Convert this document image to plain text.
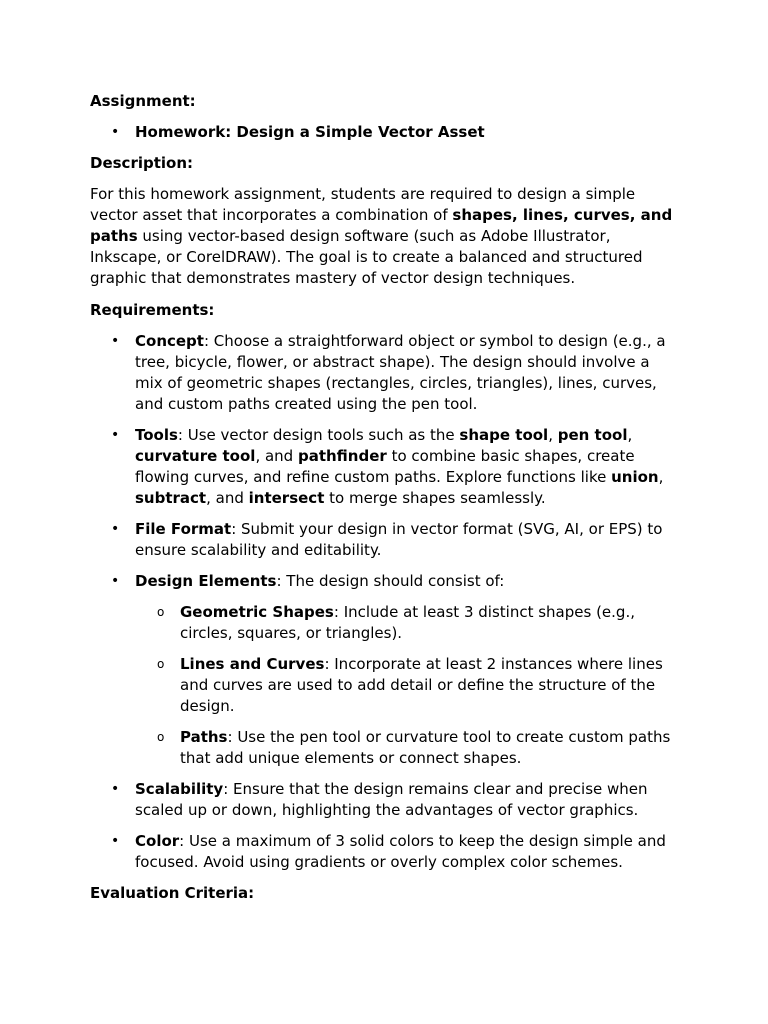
Assignment:

• Homework: Design a Simple Vector Asset

Description:

For this homework assignment, students are required to design a simple vector asset that incorporates a combination of shapes, lines, curves, and paths using vector-based design software (such as Adobe Illustrator, Inkscape, or CorelDRAW). The goal is to create a balanced and structured graphic that demonstrates mastery of vector design techniques.

Requirements:

• Concept: Choose a straightforward object or symbol to design (e.g., a tree, bicycle, flower, or abstract shape). The design should involve a mix of geometric shapes (rectangles, circles, triangles), lines, curves, and custom paths created using the pen tool.
• Tools: Use vector design tools such as the shape tool, pen tool, curvature tool, and pathfinder to combine basic shapes, create flowing curves, and refine custom paths. Explore functions like union, subtract, and intersect to merge shapes seamlessly.
• File Format: Submit your design in vector format (SVG, AI, or EPS) to ensure scalability and editability.
• Design Elements: The design should consist of:
o Geometric Shapes: Include at least 3 distinct shapes (e.g., circles, squares, or triangles).
o Lines and Curves: Incorporate at least 2 instances where lines and curves are used to add detail or define the structure of the design.
o Paths: Use the pen tool or curvature tool to create custom paths that add unique elements or connect shapes.
• Scalability: Ensure that the design remains clear and precise when scaled up or down, highlighting the advantages of vector graphics.
• Color: Use a maximum of 3 solid colors to keep the design simple and focused. Avoid using gradients or overly complex color schemes.

Evaluation Criteria:
